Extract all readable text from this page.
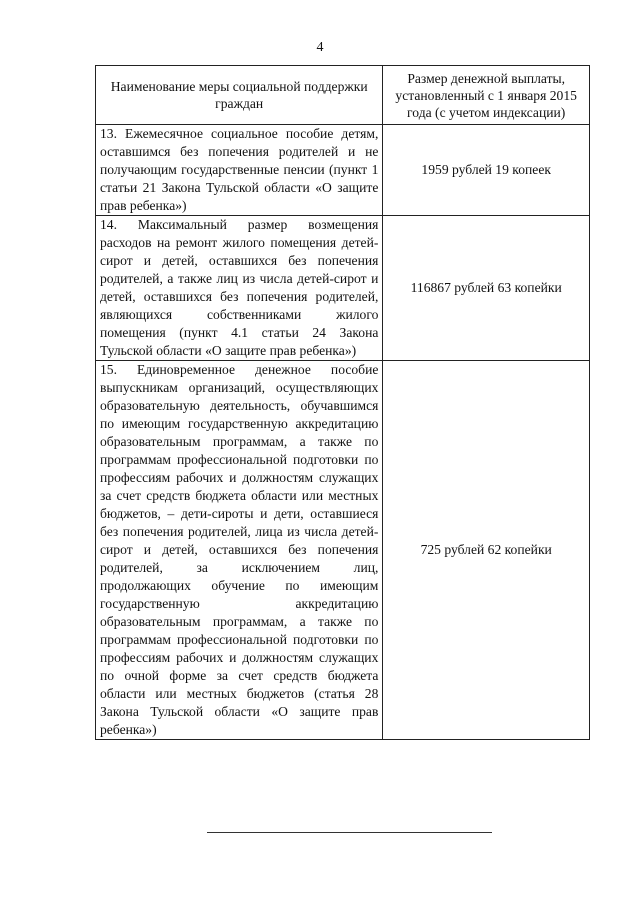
4
Наименование меры социальной поддержки граждан	Размер денежной выплаты, установленный с 1 января 2015 года (с учетом индексации)
13. Ежемесячное социальное пособие детям, оставшимся без попечения родителей и не получающим государственные пенсии (пункт 1 статьи 21 Закона Тульской области «О защите прав ребенка»)	1959 рублей 19 копеек
14. Максимальный размер возмещения расходов на ремонт жилого помещения детей-сирот и детей, оставшихся без попечения родителей, а также лиц из числа детей-сирот и детей, оставшихся без попечения родителей, являющихся собственниками жилого помещения (пункт 4.1 статьи 24 Закона Тульской области «О защите прав ребенка»)	116867 рублей 63 копейки
15. Единовременное денежное пособие выпускникам организаций, осуществляющих образовательную деятельность, обучавшимся по имеющим государственную аккредитацию образовательным программам, а также по программам профессиональной подготовки по профессиям рабочих и должностям служащих за счет средств бюджета области или местных бюджетов, – дети-сироты и дети, оставшиеся без попечения родителей, лица из числа детей-сирот и детей, оставшихся без попечения родителей, за исключением лиц, продолжающих обучение по имеющим государственную аккредитацию образовательным программам, а также по программам профессиональной подготовки по профессиям рабочих и должностям служащих по очной форме за счет средств бюджета области или местных бюджетов (статья 28 Закона Тульской области «О защите прав ребенка»)	725 рублей 62 копейки
